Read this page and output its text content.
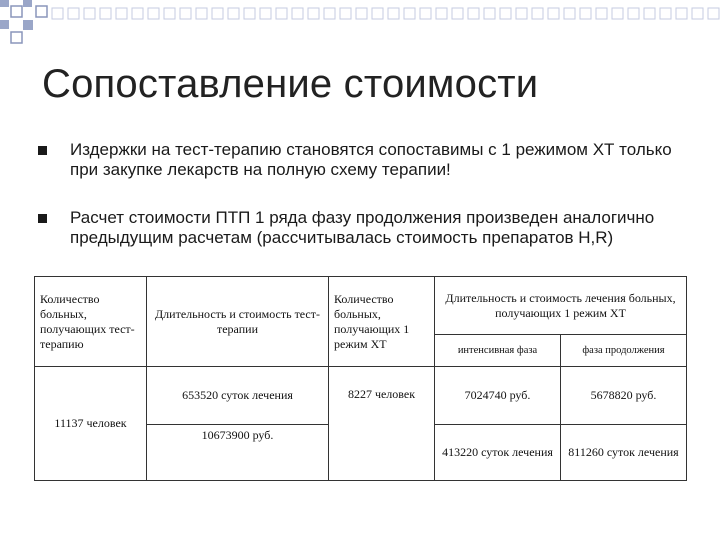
Сопоставление стоимости
Издержки на тест-терапию становятся сопоставимы с 1 режимом ХТ только при закупке лекарств на полную схему терапии!
Расчет стоимости ПТП 1 ряда фазу продолжения произведен аналогично предыдущим расчетам (рассчитывалась стоимость препаратов H,R)
Количество больных, получающих тест-терапию	Длительность и стоимость тест-терапии	Количество больных, получающих 1 режим ХТ	Длительность и стоимость лечения больных, получающих 1 режим ХТ	
			интенсивная фаза	фаза продолжения
11137 человек	653520 суток лечения	8227 человек	7024740 руб.	5678820 руб.
	10673900 руб.		413220 суток лечения	811260 суток лечения
